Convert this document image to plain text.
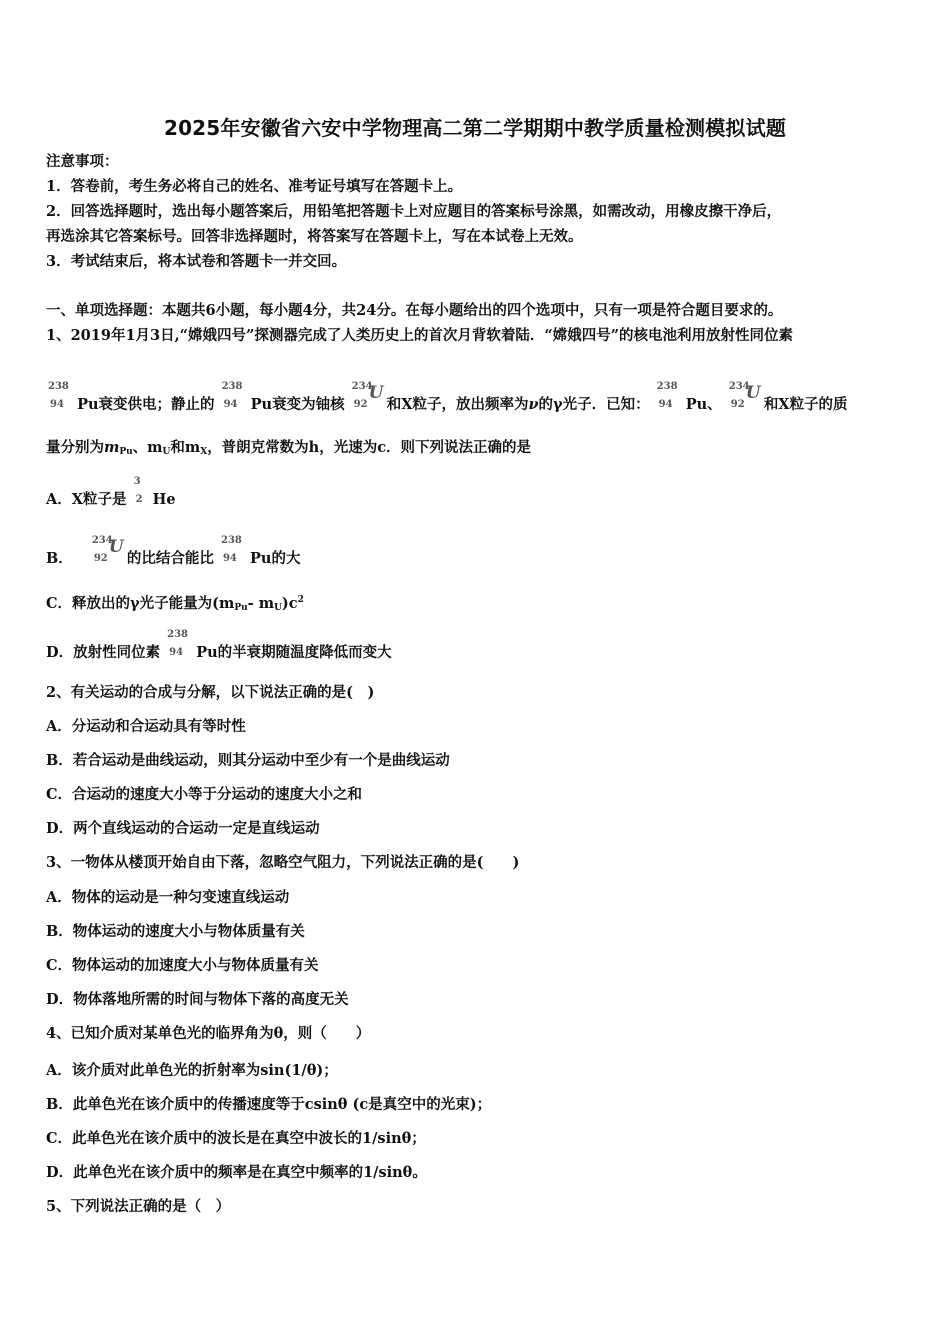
2025年安徽省六安中学物理高二第二学期期中教学质量检测模拟试题
注意事项：
1．答卷前，考生务必将自己的姓名、准考证号填写在答题卡上。
2．回答选择题时，选出每小题答案后，用铅笔把答题卡上对应题目的答案标号涂黑，如需改动，用橡皮擦干净后，
再选涂其它答案标号。回答非选择题时，将答案写在答题卡上，写在本试卷上无效。
3．考试结束后，将本试卷和答题卡一并交回。
一、单项选择题：本题共6小题，每小题4分，共24分。在每小题给出的四个选项中，只有一项是符合题目要求的。
1、2019年1月3日,“嫦娥四号”探测器完成了人类历史上的首次月背软着陆．“嫦娥四号”的核电池利用放射性同位素
238
94 Pu衰变供电；静止的
238
94 Pu衰变为铀核
234
92
U
和X粒子，放出频率为ν的γ光子．已知：
238
94 Pu、
234
92
U
和X粒子的质
量分别为$m_{Pu}$、$m_U$和$m_X$，普朗克常数为h，光速为c．则下列说法正确的是
A．X粒子是
3
2 He
B．
234
92
U
的比结合能比
238
94 Pu的大
C．释放出的γ光子能量为($m_{Pu}-$ $m_U)c^2$
D．放射性同位素
238
94 Pu的半衰期随温度降低而变大
2、有关运动的合成与分解，以下说法正确的是(　)
A．分运动和合运动具有等时性
B．若合运动是曲线运动，则其分运动中至少有一个是曲线运动
C．合运动的速度大小等于分运动的速度大小之和
D．两个直线运动的合运动一定是直线运动
3、一物体从楼顶开始自由下落，忽略空气阻力，下列说法正确的是(　　)
A．物体的运动是一种匀变速直线运动
B．物体运动的速度大小与物体质量有关
C．物体运动的加速度大小与物体质量有关
D．物体落地所需的时间与物体下落的高度无关
4、已知介质对某单色光的临界角为θ，则（　　）
A．该介质对此单色光的折射率为sin(1/θ)；
B．此单色光在该介质中的传播速度等于csinθ (c是真空中的光束)；
C．此单色光在该介质中的波长是在真空中波长的1/sinθ；
D．此单色光在该介质中的频率是在真空中频率的1/sinθ。
5、下列说法正确的是（　）
